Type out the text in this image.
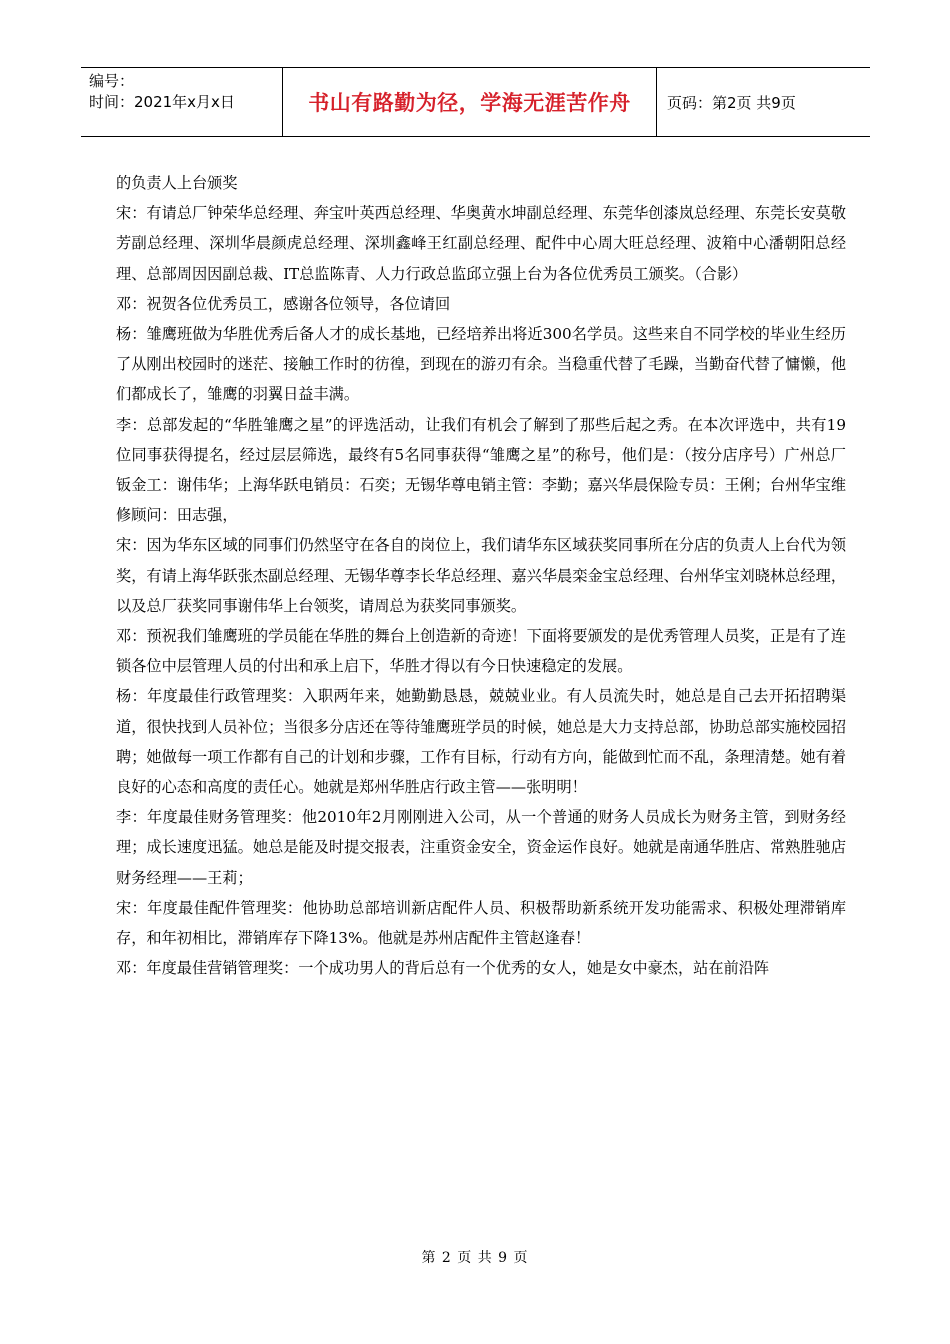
编号：
时间：2021年x月x日	书山有路勤为径，学海无涯苦作舟	页码：第2页 共9页

的负责人上台颁奖

宋：有请总厂钟荣华总经理、奔宝叶英西总经理、华奥黄水坤副总经理、东莞华创漆岚总经理、东莞长安莫敬芳副总经理、深圳华晨颜虎总经理、深圳鑫峰王红副总经理、配件中心周大旺总经理、波箱中心潘朝阳总经理、总部周因因副总裁、IT总监陈青、人力行政总监邱立强上台为各位优秀员工颁奖。（合影）

邓：祝贺各位优秀员工，感谢各位领导，各位请回

杨：雏鹰班做为华胜优秀后备人才的成长基地，已经培养出将近300名学员。这些来自不同学校的毕业生经历了从刚出校园时的迷茫、接触工作时的彷徨，到现在的游刃有余。当稳重代替了毛躁，当勤奋代替了慵懒，他们都成长了，雏鹰的羽翼日益丰满。

李：总部发起的“华胜雏鹰之星”的评选活动，让我们有机会了解到了那些后起之秀。在本次评选中，共有19位同事获得提名，经过层层筛选，最终有5名同事获得“雏鹰之星”的称号，他们是：（按分店序号）广州总厂钣金工：谢伟华；上海华跃电销员：石奕；无锡华尊电销主管：李勤；嘉兴华晨保险专员：王俐；台州华宝维修顾问：田志强，

宋：因为华东区域的同事们仍然坚守在各自的岗位上，我们请华东区域获奖同事所在分店的负责人上台代为领奖，有请上海华跃张杰副总经理、无锡华尊李长华总经理、嘉兴华晨栾金宝总经理、台州华宝刘晓林总经理，以及总厂获奖同事谢伟华上台领奖，请周总为获奖同事颁奖。

邓：预祝我们雏鹰班的学员能在华胜的舞台上创造新的奇迹！下面将要颁发的是优秀管理人员奖，正是有了连锁各位中层管理人员的付出和承上启下，华胜才得以有今日快速稳定的发展。

杨：年度最佳行政管理奖：入职两年来，她勤勤恳恳，兢兢业业。有人员流失时，她总是自己去开拓招聘渠道，很快找到人员补位；当很多分店还在等待雏鹰班学员的时候，她总是大力支持总部，协助总部实施校园招聘；她做每一项工作都有自己的计划和步骤，工作有目标，行动有方向，能做到忙而不乱，条理清楚。她有着良好的心态和高度的责任心。她就是郑州华胜店行政主管——张明明！

李：年度最佳财务管理奖：他2010年2月刚刚进入公司，从一个普通的财务人员成长为财务主管，到财务经理；成长速度迅猛。她总是能及时提交报表，注重资金安全，资金运作良好。她就是南通华胜店、常熟胜驰店财务经理——王莉；

宋：年度最佳配件管理奖：他协助总部培训新店配件人员、积极帮助新系统开发功能需求、积极处理滞销库存，和年初相比，滞销库存下降13%。他就是苏州店配件主管赵逢春！

邓：年度最佳营销管理奖：一个成功男人的背后总有一个优秀的女人，她是女中豪杰，站在前沿阵

第 2 页 共 9 页
